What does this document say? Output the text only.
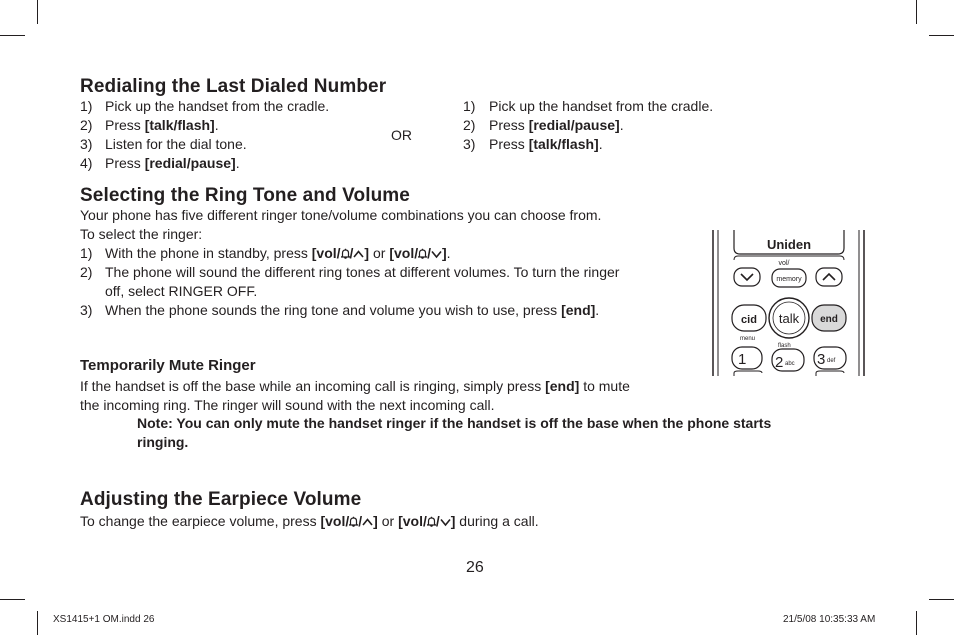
Redialing the Last Dialed Number
1) Pick up the handset from the cradle.
2) Press [talk/flash].
3) Listen for the dial tone.
4) Press [redial/pause].
OR
1) Pick up the handset from the cradle.
2) Press [redial/pause].
3) Press [talk/flash].
Selecting the Ring Tone and Volume
Your phone has five different ringer tone/volume combinations you can choose from.
To select the ringer:
1) With the phone in standby, press [vol/ / ] or [vol/ / ].
2) The phone will sound the different ring tones at different volumes. To turn the ringer
off, select RINGER OFF.
3) When the phone sounds the ring tone and volume you wish to use, press [end].
Uniden
vol/
memory
cid talk end
menu
flash
1 2 abc 3 def
Temporarily Mute Ringer
If the handset is off the base while an incoming call is ringing, simply press [end] to mute
the incoming ring. The ringer will sound with the next incoming call.
Note: You can only mute the handset ringer if the handset is off the base when the phone starts
ringing.
Adjusting the Earpiece Volume
To change the earpiece volume, press [vol/ / ] or [vol/ / ] during a call.
26
XS1415+1 OM.indd 26	21/5/08 10:35:33 AM
